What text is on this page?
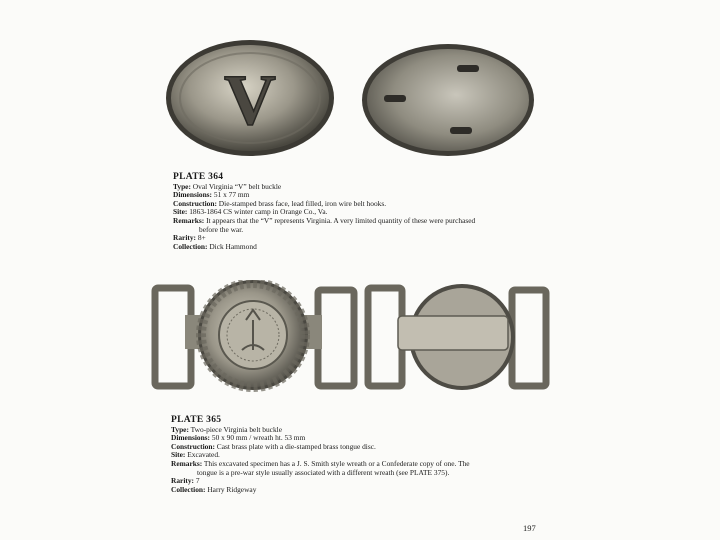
V
PLATE 364
Type: Oval Virginia “V” belt buckle
Dimensions: 51 x 77 mm
Construction: Die-stamped brass face, lead filled, iron wire belt hooks.
Site: 1863-1864 CS winter camp in Orange Co., Va.
Remarks: It appears that the “V” represents Virginia. A very limited quantity of these were purchased
before the war.
Rarity: 8+
Collection: Dick Hammond
PLATE 365
Type: Two-piece Virginia belt buckle
Dimensions: 50 x 90 mm / wreath ht. 53 mm
Construction: Cast brass plate with a die-stamped brass tongue disc.
Site: Excavated.
Remarks: This excavated specimen has a J. S. Smith style wreath or a Confederate copy of one. The
tongue is a pre-war style usually associated with a different wreath (see PLATE 375).
Rarity: 7
Collection: Harry Ridgeway
197
